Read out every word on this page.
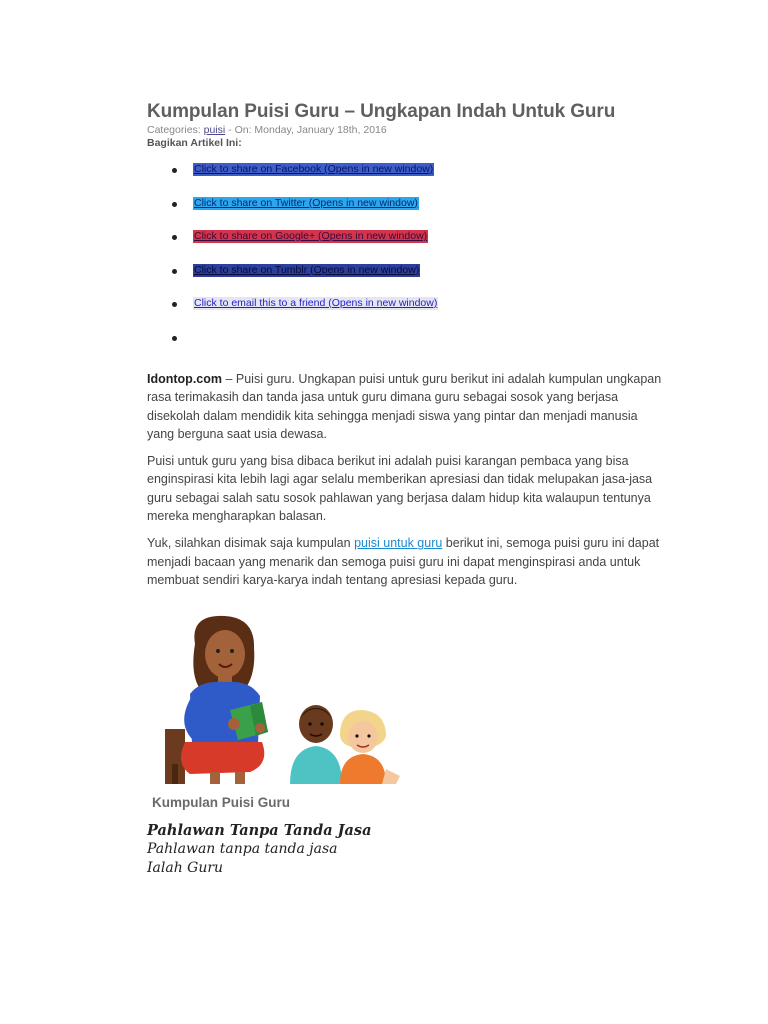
Kumpulan Puisi Guru – Ungkapan Indah Untuk Guru
Categories: puisi - On: Monday, January 18th, 2016
Bagikan Artikel Ini:
Click to share on Facebook (Opens in new window)
Click to share on Twitter (Opens in new window)
Click to share on Google+ (Opens in new window)
Click to share on Tumblr (Opens in new window)
Click to email this to a friend (Opens in new window)

Idontop.com – Puisi guru. Ungkapan puisi untuk guru berikut ini adalah kumpulan ungkapan rasa terimakasih dan tanda jasa untuk guru dimana guru sebagai sosok yang berjasa disekolah dalam mendidik kita sehingga menjadi siswa yang pintar dan menjadi manusia yang berguna saat usia dewasa.

Puisi untuk guru yang bisa dibaca berikut ini adalah puisi karangan pembaca yang bisa enginspirasi kita lebih lagi agar selalu memberikan apresiasi dan tidak melupakan jasa-jasa guru sebagai salah satu sosok pahlawan yang berjasa dalam hidup kita walaupun tentunya mereka mengharapkan balasan.

Yuk, silahkan disimak saja kumpulan puisi untuk guru berikut ini, semoga puisi guru ini dapat menjadi bacaan yang menarik dan semoga puisi guru ini dapat menginspirasi anda untuk membuat sendiri karya-karya indah tentang apresiasi kepada guru.

Kumpulan Puisi Guru
Pahlawan Tanpa Tanda Jasa
Pahlawan tanpa tanda jasa
Ialah Guru
